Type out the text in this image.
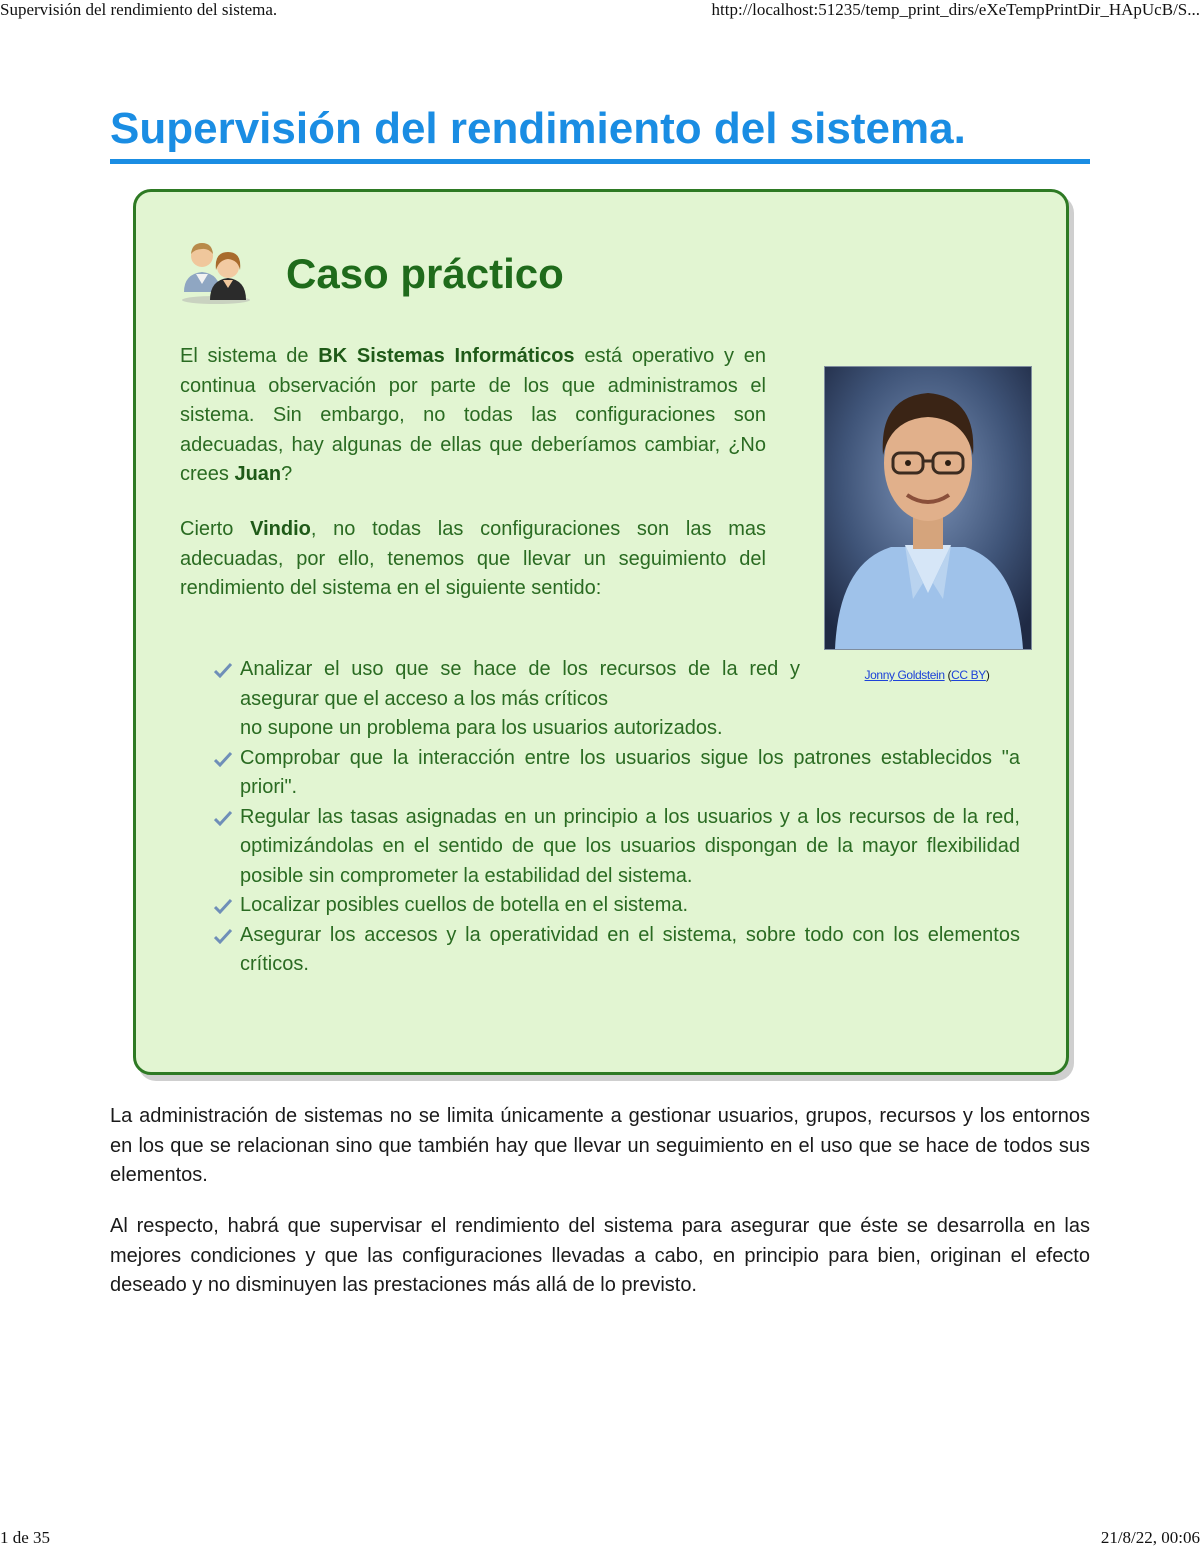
Supervisión del rendimiento del sistema.	http://localhost:51235/temp_print_dirs/eXeTempPrintDir_HApUcB/S...
Supervisión del rendimiento del sistema.
Caso práctico

El sistema de BK Sistemas Informáticos está operativo y en continua observación por parte de los que administramos el sistema. Sin embargo, no todas las configuraciones son adecuadas, hay algunas de ellas que deberíamos cambiar, ¿No crees Juan?

Cierto Vindio, no todas las configuraciones son las mas adecuadas, por ello, tenemos que llevar un seguimiento del rendimiento del sistema en el siguiente sentido:

Jonny Goldstein (CC BY)
Analizar el uso que se hace de los recursos de la red y asegurar que el acceso a los más críticos
no supone un problema para los usuarios autorizados.
Comprobar que la interacción entre los usuarios sigue los patrones establecidos "a priori".
Regular las tasas asignadas en un principio a los usuarios y a los recursos de la red, optimizándolas en el sentido de que los usuarios dispongan de la mayor flexibilidad posible sin comprometer la estabilidad del sistema.
Localizar posibles cuellos de botella en el sistema.
Asegurar los accesos y la operatividad en el sistema, sobre todo con los elementos críticos.

La administración de sistemas no se limita únicamente a gestionar usuarios, grupos, recursos y los entornos en los que se relacionan sino que también hay que llevar un seguimiento en el uso que se hace de todos sus elementos.

Al respecto, habrá que supervisar el rendimiento del sistema para asegurar que éste se desarrolla en las mejores condiciones y que las configuraciones llevadas a cabo, en principio para bien, originan el efecto deseado y no disminuyen las prestaciones más allá de lo previsto.

1 de 35	21/8/22, 00:06
